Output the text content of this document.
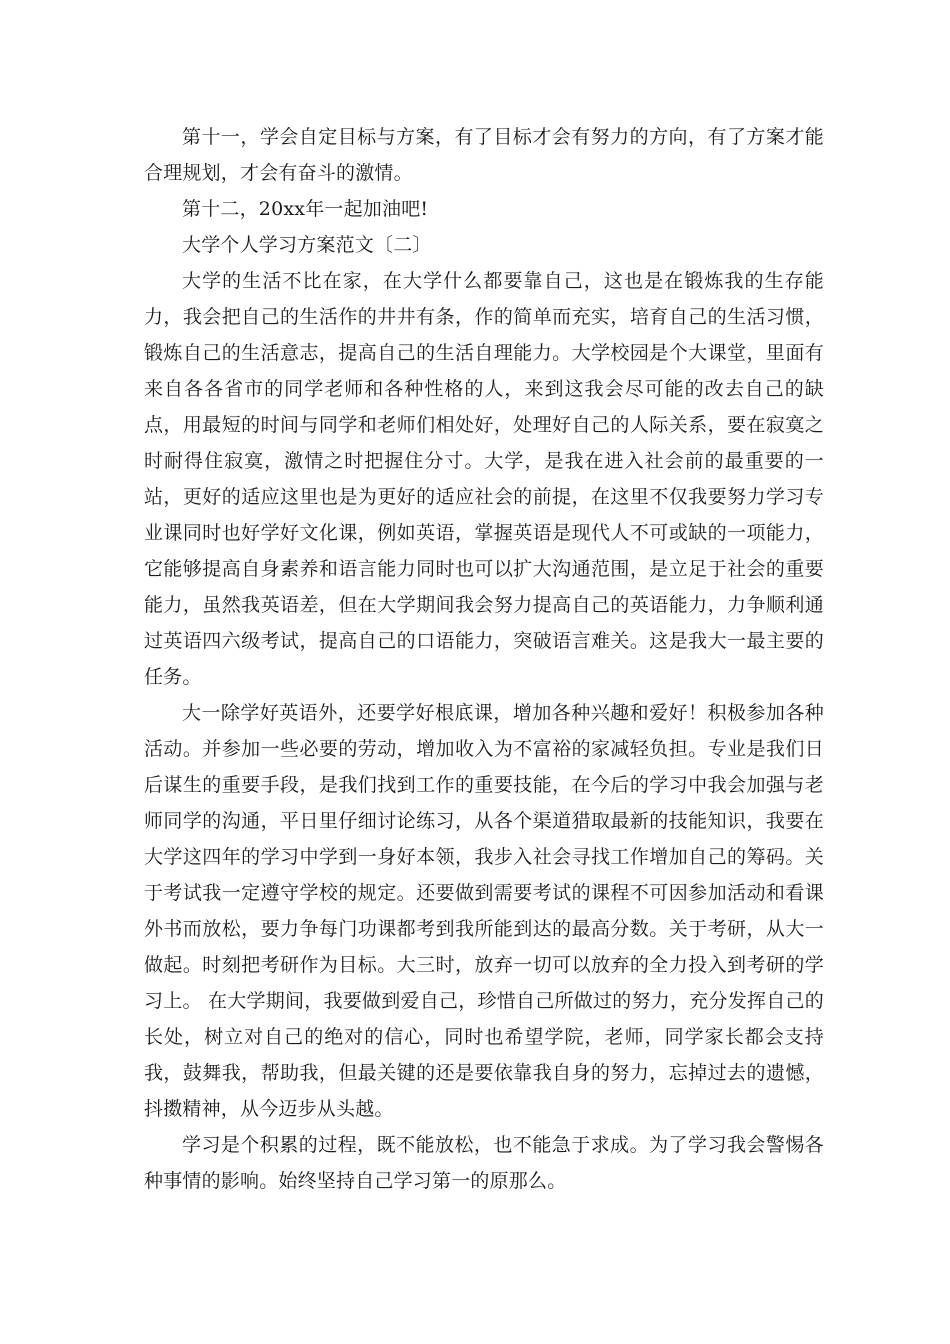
第十一，学会自定目标与方案，有了目标才会有努力的方向，有了方案才能合理规划，才会有奋斗的激情。

第十二，20xx年一起加油吧!

大学个人学习方案范文〔二〕

大学的生活不比在家，在大学什么都要靠自己，这也是在锻炼我的生存能力，我会把自己的生活作的井井有条，作的简单而充实，培育自己的生活习惯，锻炼自己的生活意志，提高自己的生活自理能力。大学校园是个大课堂，里面有来自各各省市的同学老师和各种性格的人，来到这我会尽可能的改去自己的缺点，用最短的时间与同学和老师们相处好，处理好自己的人际关系，要在寂寞之时耐得住寂寞，激情之时把握住分寸。大学，是我在进入社会前的最重要的一站，更好的适应这里也是为更好的适应社会的前提，在这里不仅我要努力学习专业课同时也好学好文化课，例如英语，掌握英语是现代人不可或缺的一项能力，它能够提高自身素养和语言能力同时也可以扩大沟通范围，是立足于社会的重要能力，虽然我英语差，但在大学期间我会努力提高自己的英语能力，力争顺利通过英语四六级考试，提高自己的口语能力，突破语言难关。这是我大一最主要的任务。

大一除学好英语外，还要学好根底课，增加各种兴趣和爱好！积极参加各种活动。并参加一些必要的劳动，增加收入为不富裕的家减轻负担。专业是我们日后谋生的重要手段，是我们找到工作的重要技能，在今后的学习中我会加强与老师同学的沟通，平日里仔细讨论练习，从各个渠道猎取最新的技能知识，我要在大学这四年的学习中学到一身好本领，我步入社会寻找工作增加自己的筹码。关于考试我一定遵守学校的规定。还要做到需要考试的课程不可因参加活动和看课外书而放松，要力争每门功课都考到我所能到达的最高分数。关于考研，从大一做起。时刻把考研作为目标。大三时，放弃一切可以放弃的全力投入到考研的学习上。 在大学期间，我要做到爱自己，珍惜自己所做过的努力，充分发挥自己的长处，树立对自己的绝对的信心，同时也希望学院，老师，同学家长都会支持我，鼓舞我，帮助我，但最关键的还是要依靠我自身的努力，忘掉过去的遗憾，抖擞精神，从今迈步从头越。

学习是个积累的过程，既不能放松，也不能急于求成。为了学习我会警惕各种事情的影响。始终坚持自己学习第一的原那么。
